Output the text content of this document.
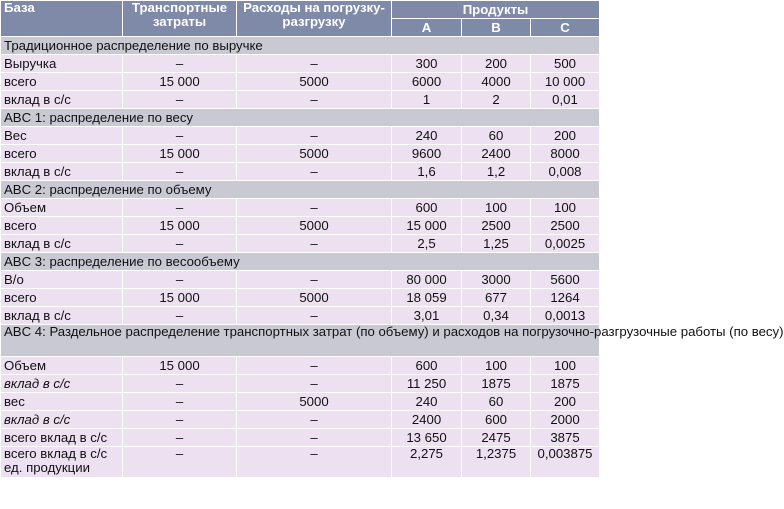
База	Транспортные затраты	Расходы на погрузку-разгрузку	Продукты		
			А	В	С
Традиционное распределение по выручке					
Выручка	–	–	300	200	500
всего	15 000	5000	6000	4000	10 000
вклад в с/с	–	–	1	2	0,01
ABC 1: распределение по весу					
Вес	–	–	240	60	200
всего	15 000	5000	9600	2400	8000
вклад в с/с	–	–	1,6	1,2	0,008
ABC 2: распределение по объему					
Объем	–	–	600	100	100
всего	15 000	5000	15 000	2500	2500
вклад в с/с	–	–	2,5	1,25	0,0025
ABC 3: распределение по весообъему					
В/о	–	–	80 000	3000	5600
всего	15 000	5000	18 059	677	1264
вклад в с/с	–	–	3,01	0,34	0,0013
ABC 4: Раздельное распределение транспортных затрат (по объему) и расходов на погрузочно-разгрузочные работы (по весу)					
Объем	15 000	–	600	100	100
вклад в с/с	–	–	11 250	1875	1875
вес	–	5000	240	60	200
вклад в с/с	–	–	2400	600	2000
всего вклад в с/с	–	–	13 650	2475	3875
всего вклад в с/с ед. продукции	–	–	2,275	1,2375	0,003875
